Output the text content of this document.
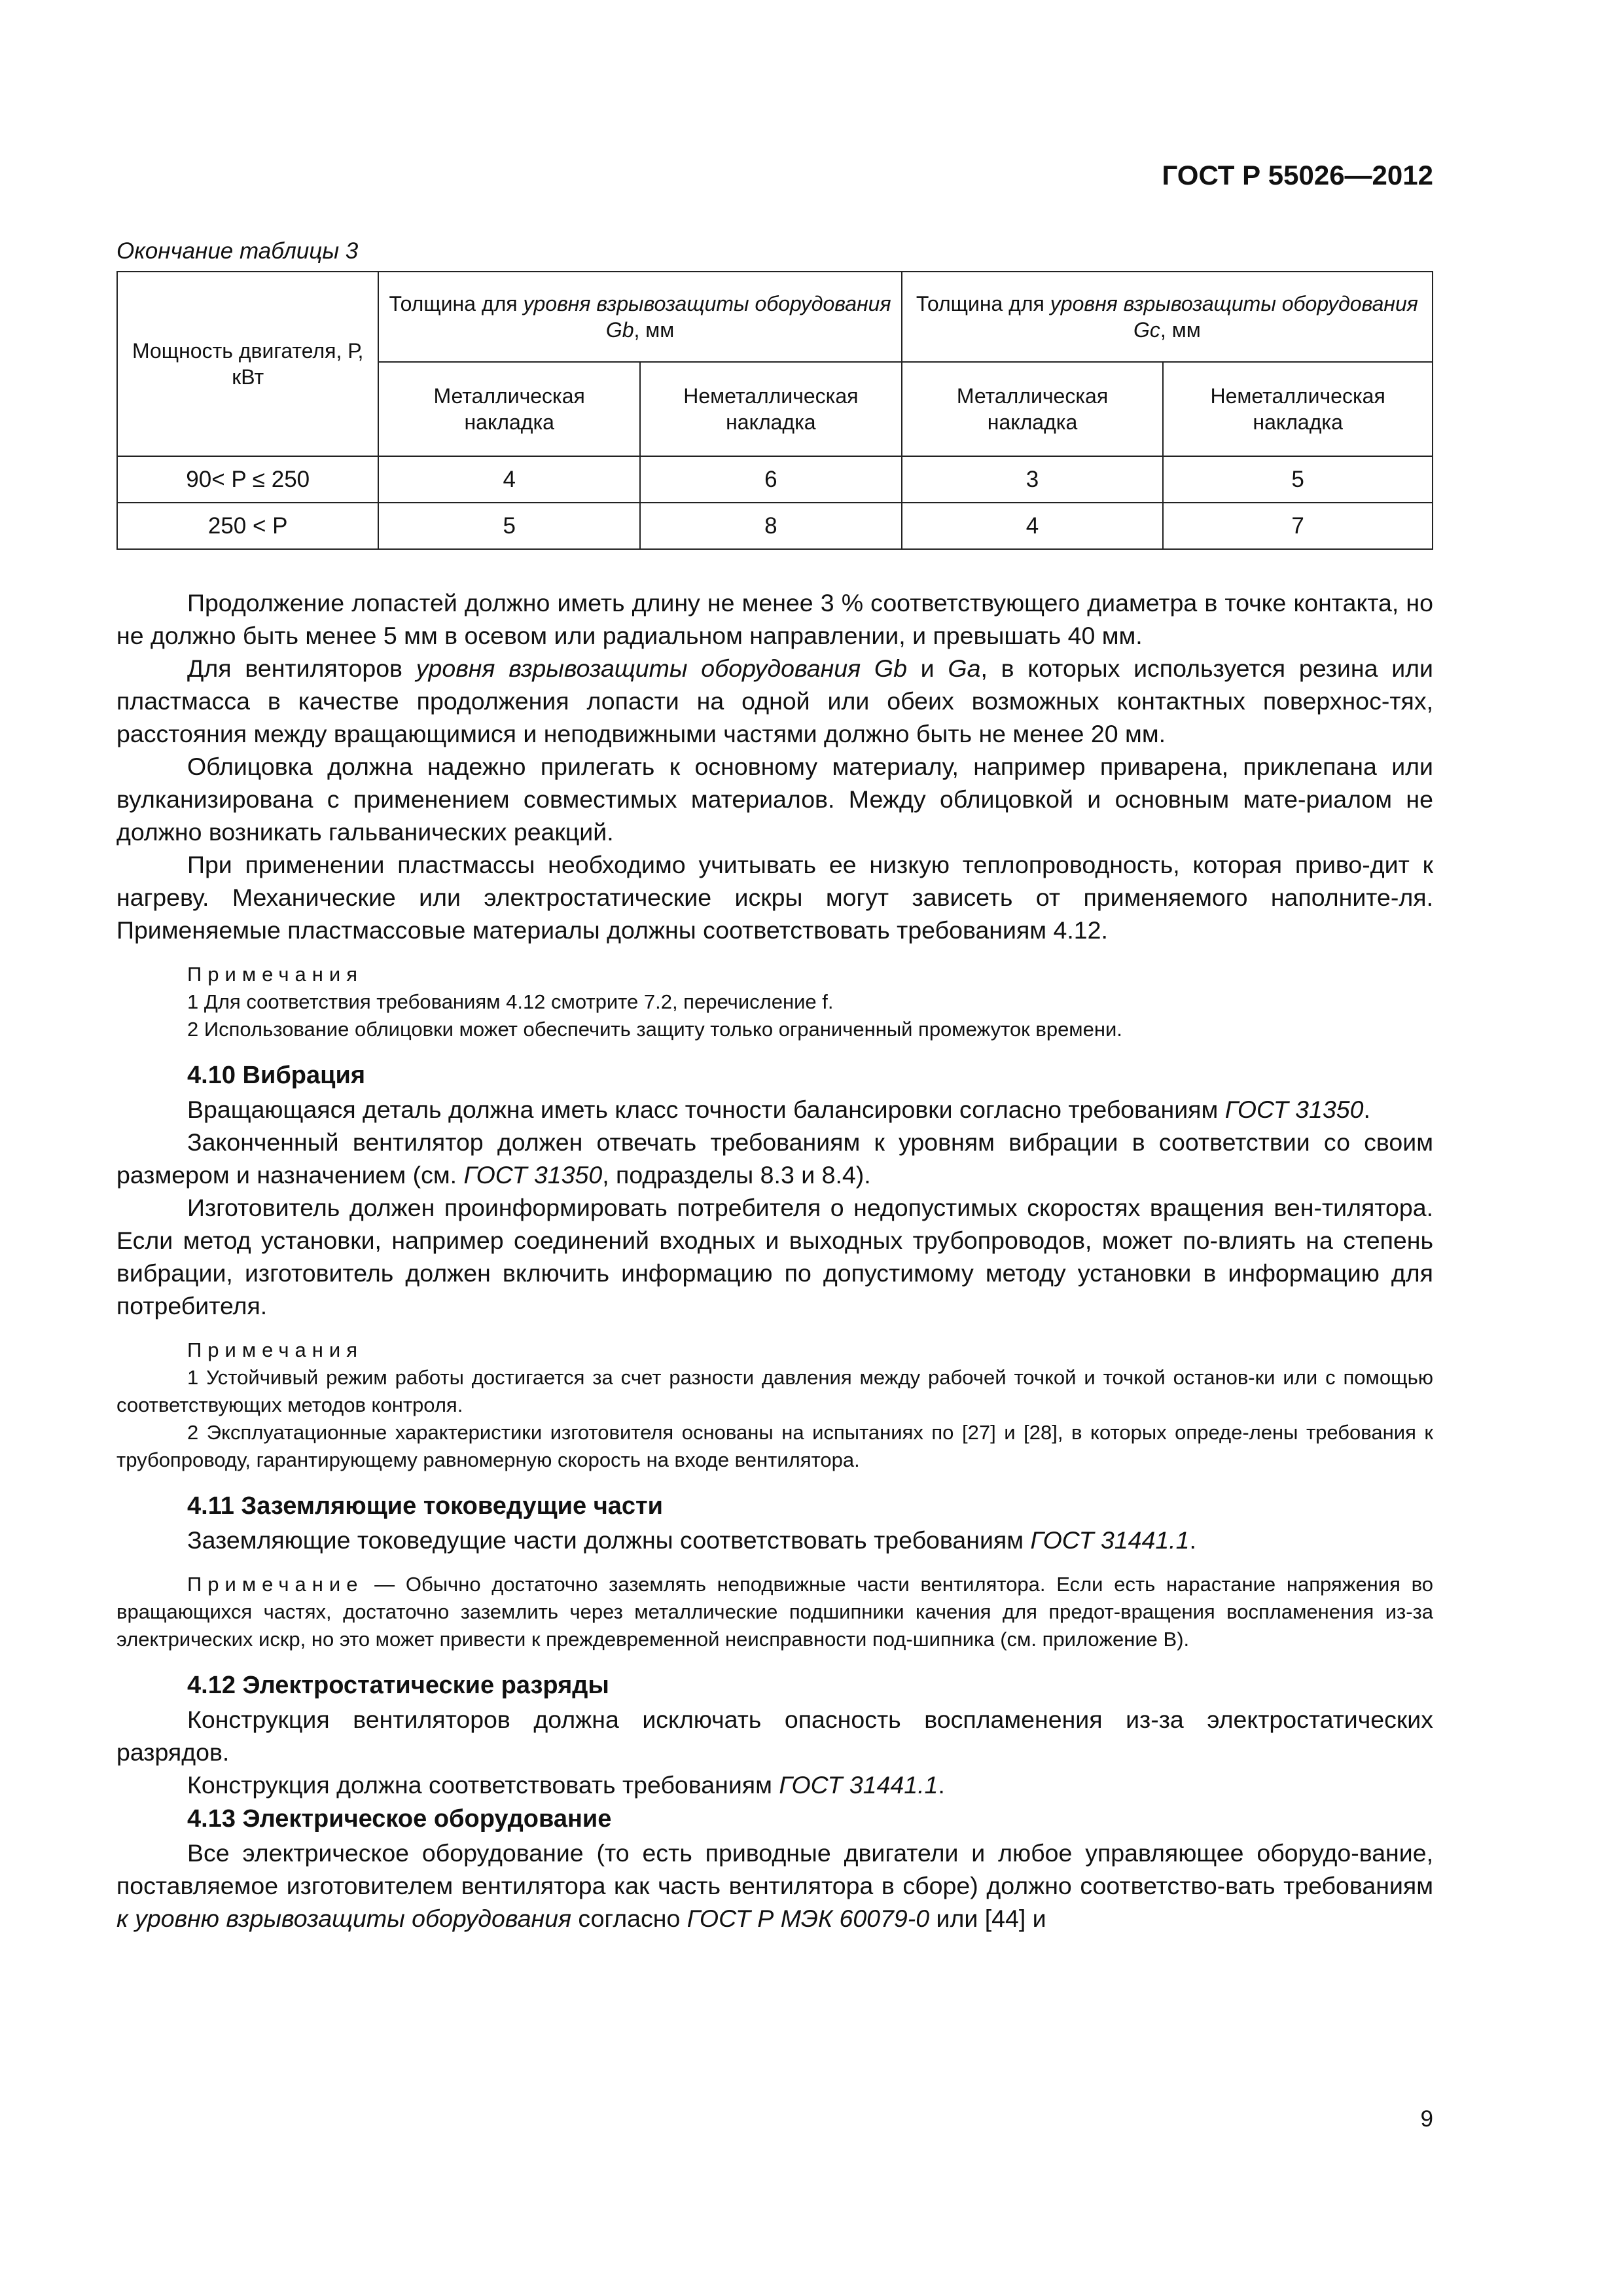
ГОСТ Р 55026—2012
Окончание таблицы 3
Мощность двигателя, Р, кВт	Толщина для уровня взрывозащиты оборудования Gb, мм		Толщина для уровня взрывозащиты оборудования Gc, мм	
	Металлическая накладка	Неметаллическая накладка	Металлическая накладка	Неметаллическая накладка
90< P ≤ 250	4	6	3	5
250 < P	5	8	4	7

Продолжение лопастей должно иметь длину не менее 3 % соответствующего диаметра в точке контакта, но не должно быть менее 5 мм в осевом или радиальном направлении, и превышать 40 мм.

Для вентиляторов уровня взрывозащиты оборудования Gb и Ga, в которых используется резина или пластмасса в качестве продолжения лопасти на одной или обеих возможных контактных поверхнос-тях, расстояния между вращающимися и неподвижными частями должно быть не менее 20 мм.

Облицовка должна надежно прилегать к основному материалу, например приварена, приклепана или вулканизирована с применением совместимых материалов. Между облицовкой и основным мате-риалом не должно возникать гальванических реакций.

При применении пластмассы необходимо учитывать ее низкую теплопроводность, которая приво-дит к нагреву. Механические или электростатические искры могут зависеть от применяемого наполните-ля. Применяемые пластмассовые материалы должны соответствовать требованиям 4.12.

Примечания

1 Для соответствия требованиям 4.12 смотрите 7.2, перечисление f.

2 Использование облицовки может обеспечить защиту только ограниченный промежуток времени.

4.10 Вибрация

Вращающаяся деталь должна иметь класс точности балансировки согласно требованиям ГОСТ 31350.

Законченный вентилятор должен отвечать требованиям к уровням вибрации в соответствии со своим размером и назначением (см. ГОСТ 31350, подразделы 8.3 и 8.4).

Изготовитель должен проинформировать потребителя о недопустимых скоростях вращения вен-тилятора. Если метод установки, например соединений входных и выходных трубопроводов, может по-влиять на степень вибрации, изготовитель должен включить информацию по допустимому методу установки в информацию для потребителя.

Примечания

1 Устойчивый режим работы достигается за счет разности давления между рабочей точкой и точкой останов-ки или с помощью соответствующих методов контроля.

2 Эксплуатационные характеристики изготовителя основаны на испытаниях по [27] и [28], в которых опреде-лены требования к трубопроводу, гарантирующему равномерную скорость на входе вентилятора.

4.11 Заземляющие токоведущие части

Заземляющие токоведущие части должны соответствовать требованиям ГОСТ 31441.1.

Примечание — Обычно достаточно заземлять неподвижные части вентилятора. Если есть нарастание напряжения во вращающихся частях, достаточно заземлить через металлические подшипники качения для предот-вращения воспламенения из-за электрических искр, но это может привести к преждевременной неисправности под-шипника (см. приложение В).

4.12 Электростатические разряды

Конструкция вентиляторов должна исключать опасность воспламенения из-за электростатических разрядов.

Конструкция должна соответствовать требованиям ГОСТ 31441.1.

4.13 Электрическое оборудование

Все электрическое оборудование (то есть приводные двигатели и любое управляющее оборудо-вание, поставляемое изготовителем вентилятора как часть вентилятора в сборе) должно соответство-вать требованиям к уровню взрывозащиты оборудования согласно ГОСТ Р МЭК 60079-0 или [44] и

9
